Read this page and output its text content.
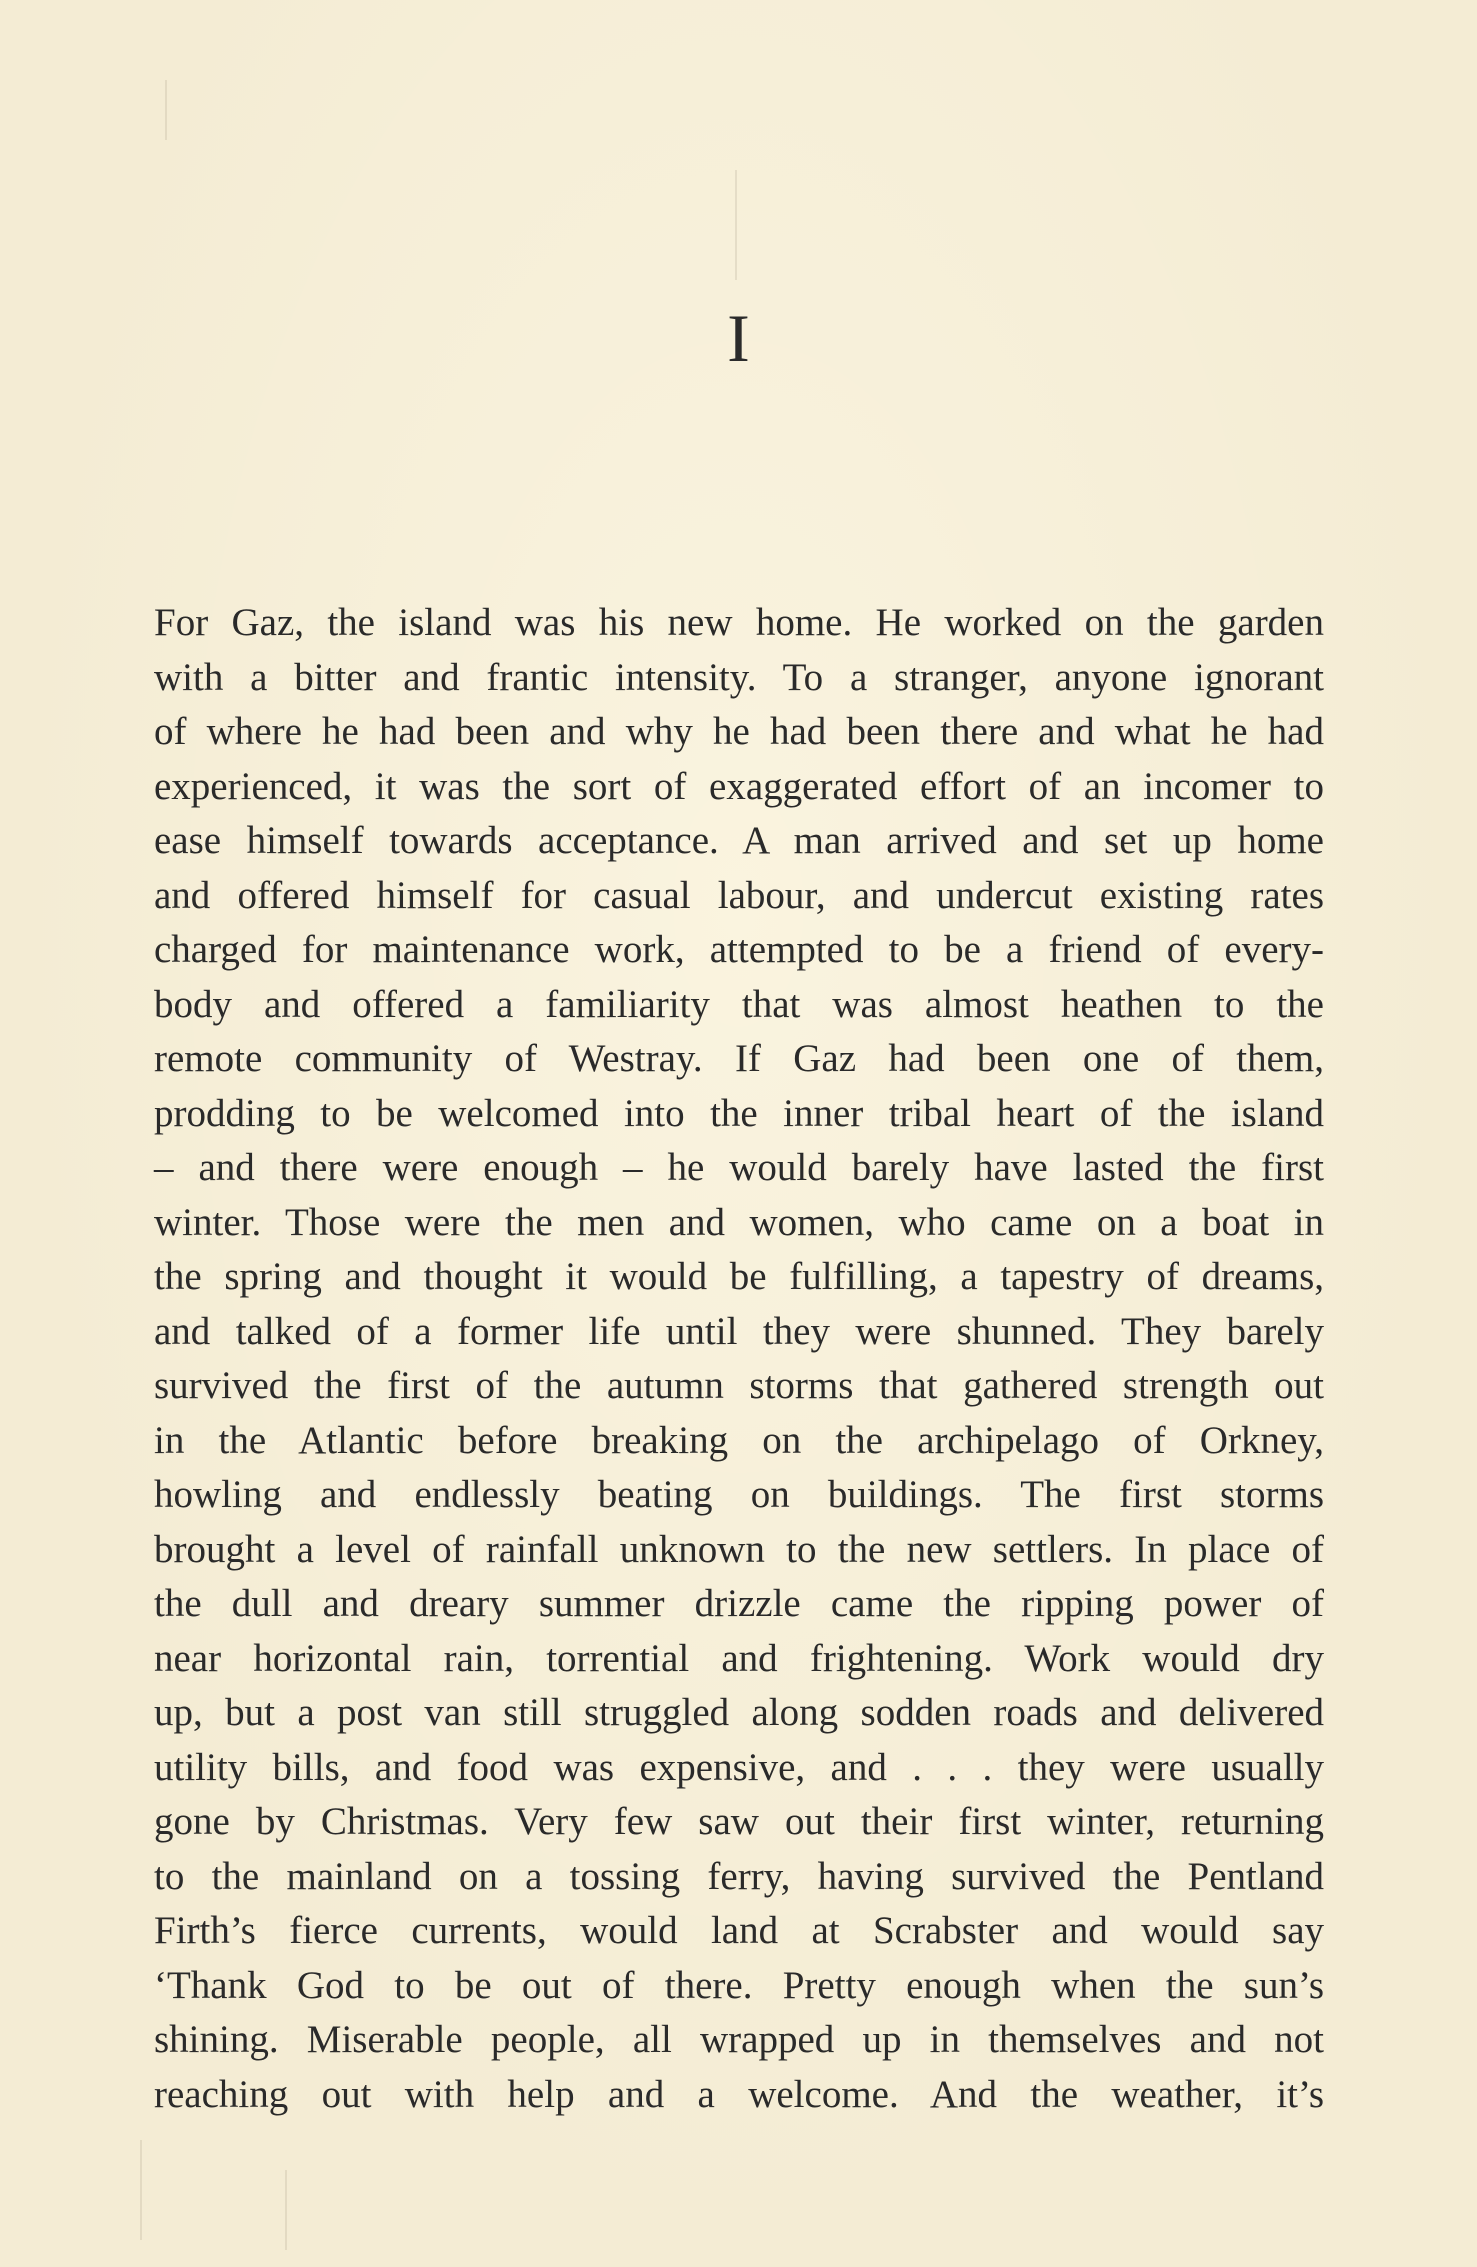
I
For Gaz, the island was his new home. He worked on the garden
with a bitter and frantic intensity. To a stranger, anyone ignorant
of where he had been and why he had been there and what he had
experienced, it was the sort of exaggerated effort of an incomer to
ease himself towards acceptance. A man arrived and set up home
and offered himself for casual labour, and undercut existing rates
charged for maintenance work, attempted to be a friend of every-
body and offered a familiarity that was almost heathen to the
remote community of Westray. If Gaz had been one of them,
prodding to be welcomed into the inner tribal heart of the island
– and there were enough – he would barely have lasted the first
winter. Those were the men and women, who came on a boat in
the spring and thought it would be fulfilling, a tapestry of dreams,
and talked of a former life until they were shunned. They barely
survived the first of the autumn storms that gathered strength out
in the Atlantic before breaking on the archipelago of Orkney,
howling and endlessly beating on buildings. The first storms
brought a level of rainfall unknown to the new settlers. In place of
the dull and dreary summer drizzle came the ripping power of
near horizontal rain, torrential and frightening. Work would dry
up, but a post van still struggled along sodden roads and delivered
utility bills, and food was expensive, and . . . they were usually
gone by Christmas. Very few saw out their first winter, returning
to the mainland on a tossing ferry, having survived the Pentland
Firth’s fierce currents, would land at Scrabster and would say
‘Thank God to be out of there. Pretty enough when the sun’s
shining. Miserable people, all wrapped up in themselves and not
reaching out with help and a welcome. And the weather, it’s
